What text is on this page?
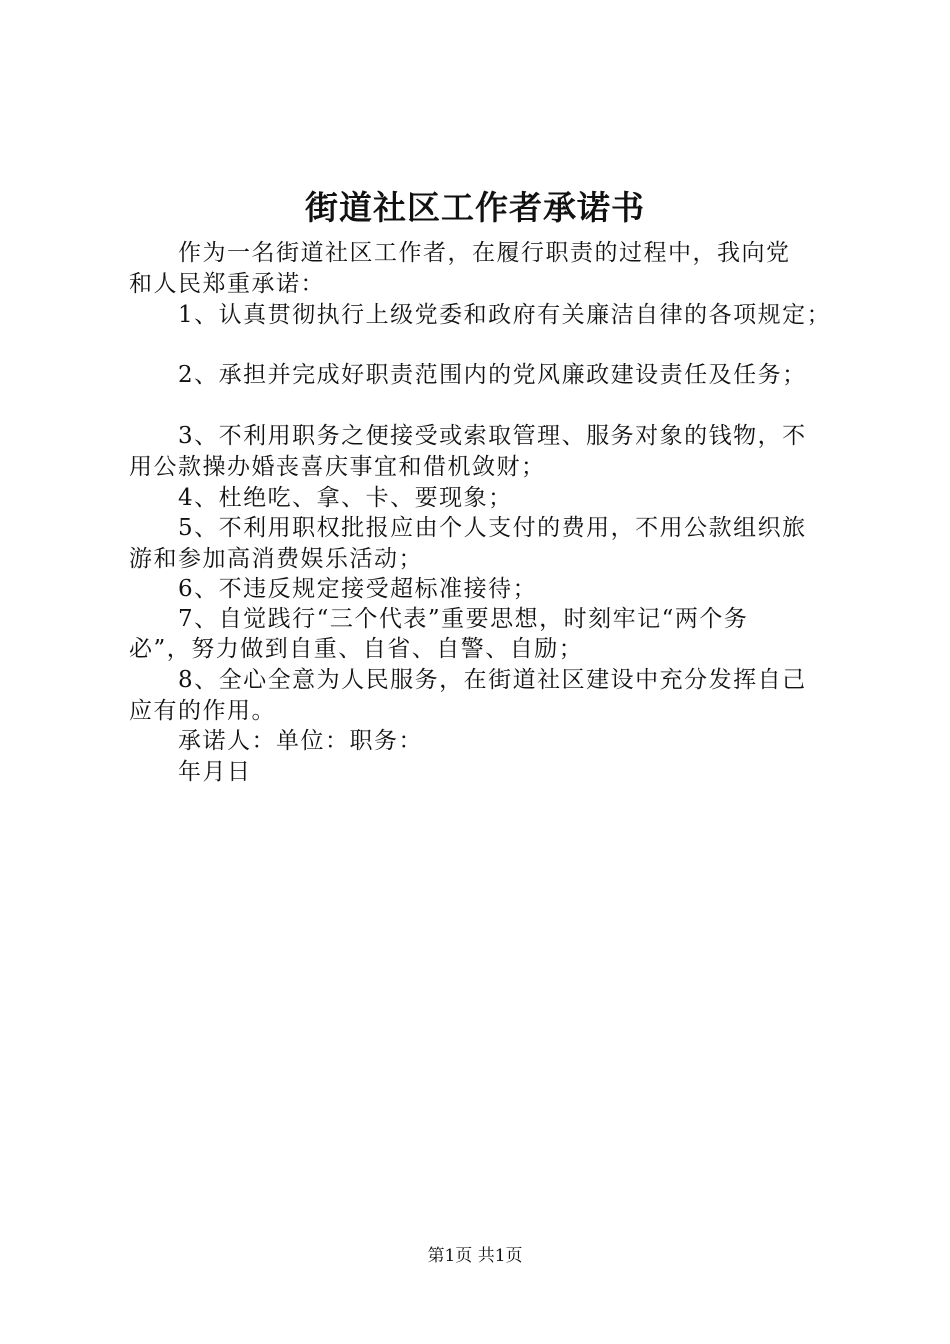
街道社区工作者承诺书
作为一名街道社区工作者，在履行职责的过程中，我向党
和人民郑重承诺：
1、认真贯彻执行上级党委和政府有关廉洁自律的各项规定；
2、承担并完成好职责范围内的党风廉政建设责任及任务；
3、不利用职务之便接受或索取管理、服务对象的钱物，不
用公款操办婚丧喜庆事宜和借机敛财；
4、杜绝吃、拿、卡、要现象；
5、不利用职权批报应由个人支付的费用，不用公款组织旅
游和参加高消费娱乐活动；
6、不违反规定接受超标准接待；
7、自觉践行“三个代表”重要思想，时刻牢记“两个务
必”，努力做到自重、自省、自警、自励；
8、全心全意为人民服务，在街道社区建设中充分发挥自己
应有的作用。
承诺人：单位：职务：
年月日
第1页 共1页
